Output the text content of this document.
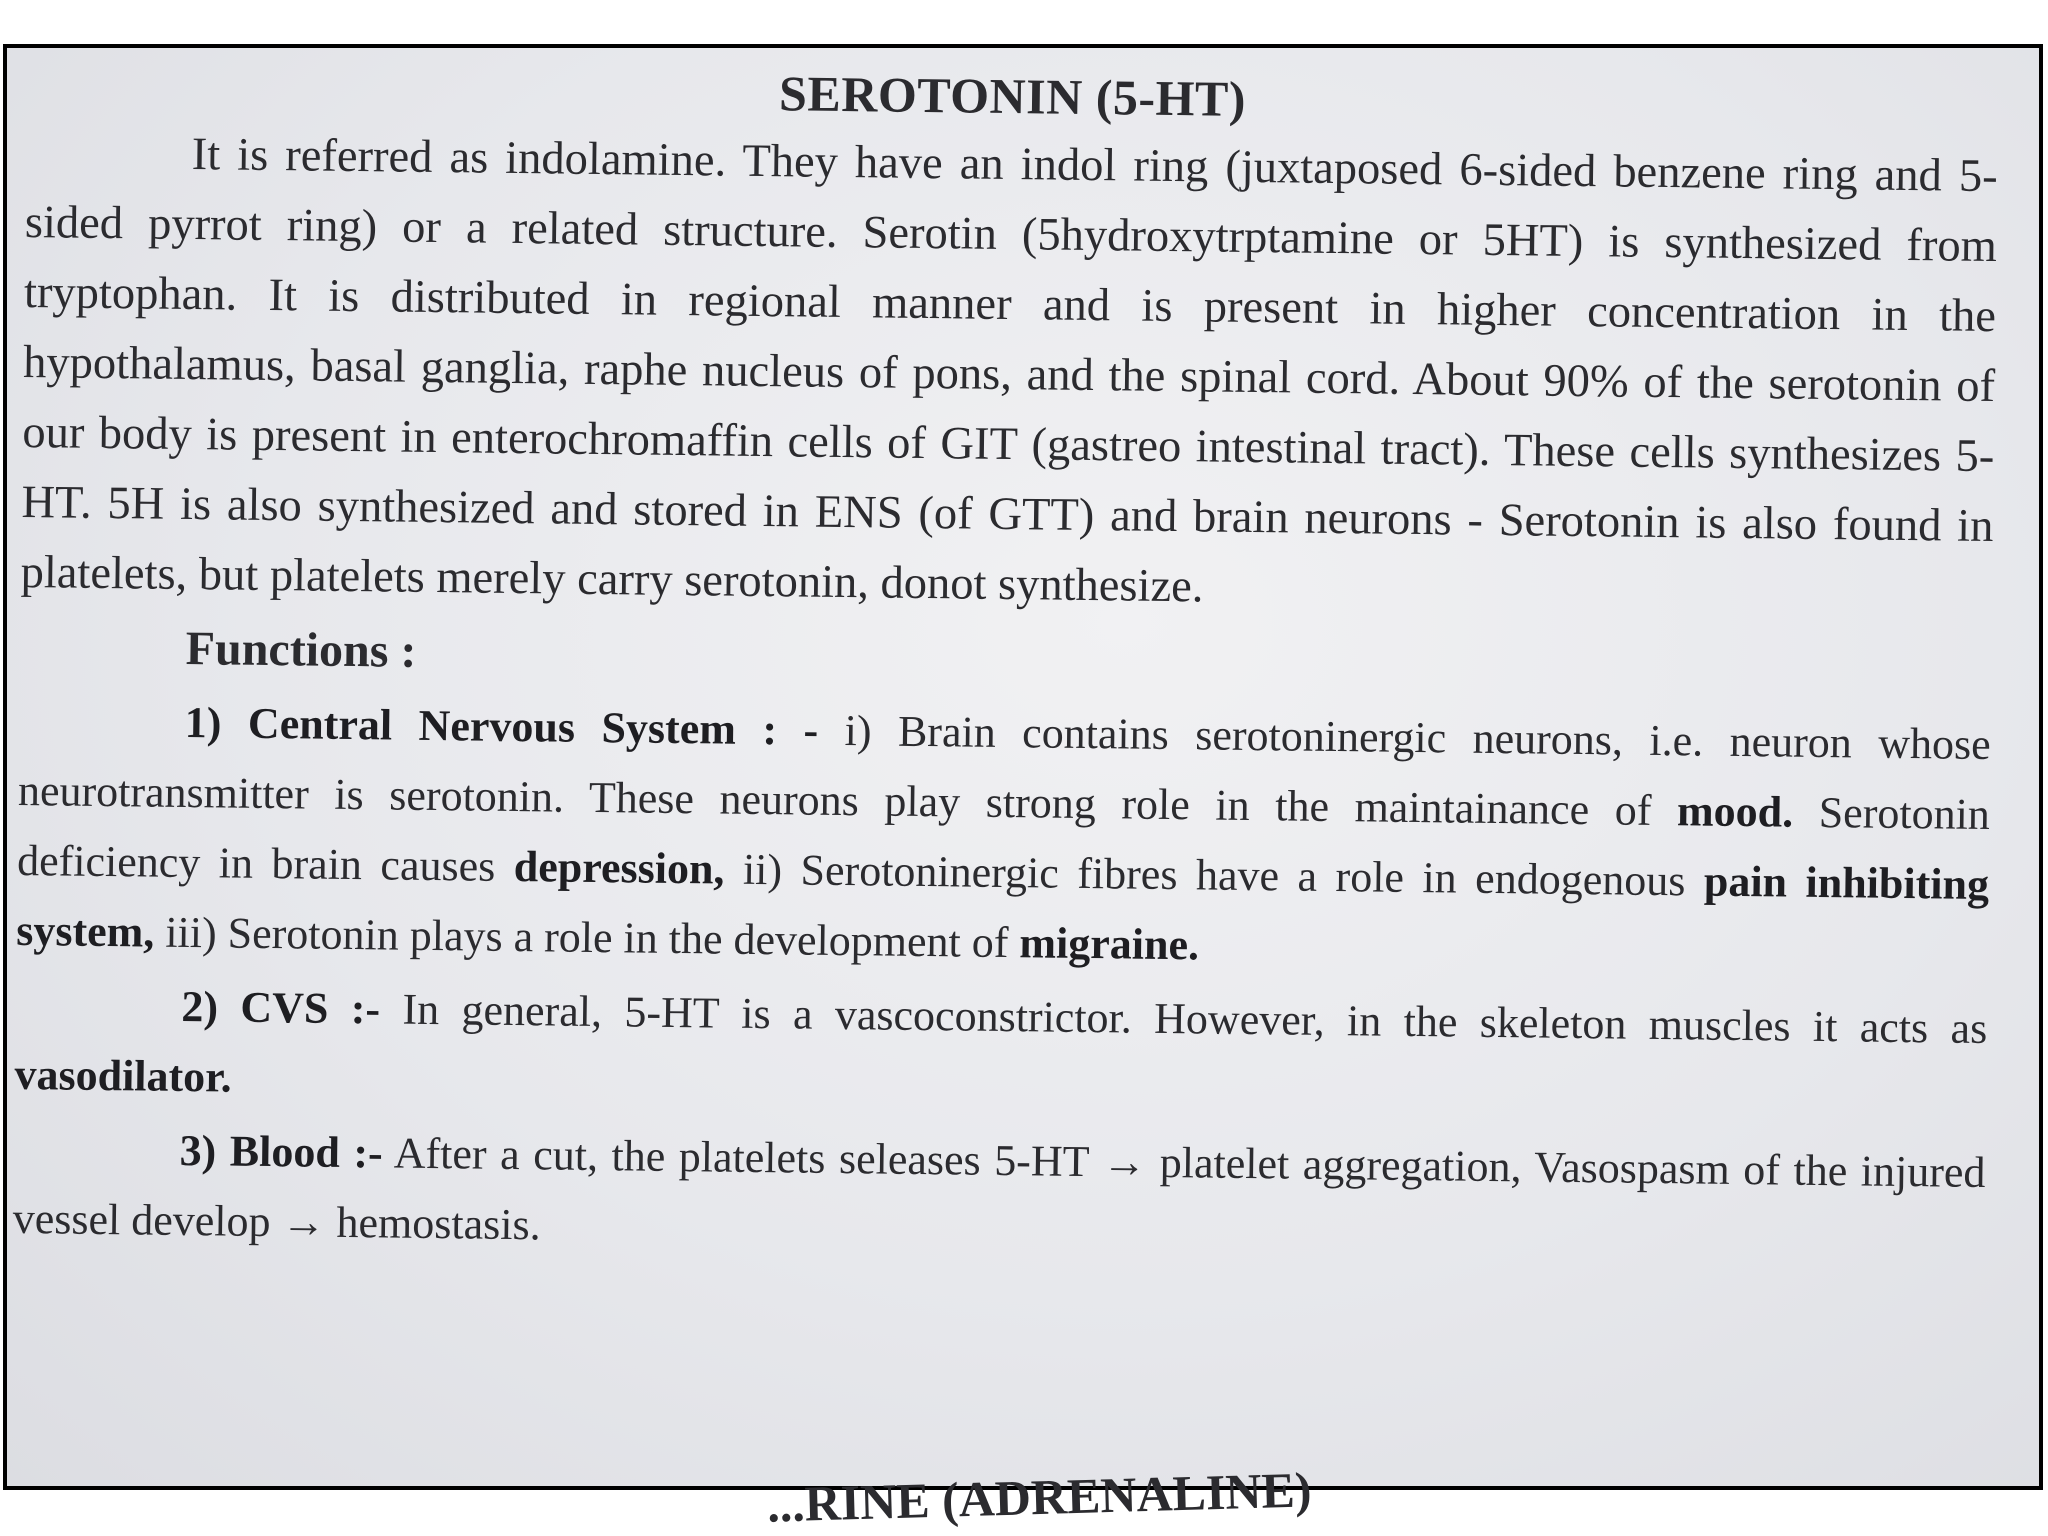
SEROTONIN (5-HT)

It is referred as indolamine. They have an indol ring (juxtaposed 6-sided benzene ring and 5-sided pyrrot ring) or a related structure. Serotin (5hydroxytrptamine or 5HT) is synthesized from tryptophan. It is distributed in regional manner and is present in higher concentration in the hypothalamus, basal ganglia, raphe nucleus of pons, and the spinal cord. About 90% of the serotonin of our body is present in enterochromaffin cells of GIT (gastreo intestinal tract). These cells synthesizes 5-HT. 5H is also synthesized and stored in ENS (of GTT) and brain neurons - Serotonin is also found in platelets, but platelets merely carry serotonin, donot synthesize.

Functions :

1) Central Nervous System : - i) Brain contains serotoninergic neurons, i.e. neuron whose neurotransmitter is serotonin. These neurons play strong role in the maintainance of mood. Serotonin deficiency in brain causes depression, ii) Serotoninergic fibres have a role in endogenous pain inhibiting system, iii) Serotonin plays a role in the development of migraine.

2) CVS :- In general, 5-HT is a vascoconstrictor. However, in the skeleton muscles it acts as vasodilator.

3) Blood :- After a cut, the platelets seleases 5-HT → platelet aggregation, Vasospasm of the injured vessel develop → hemostasis.

...RINE (ADRENALINE)
